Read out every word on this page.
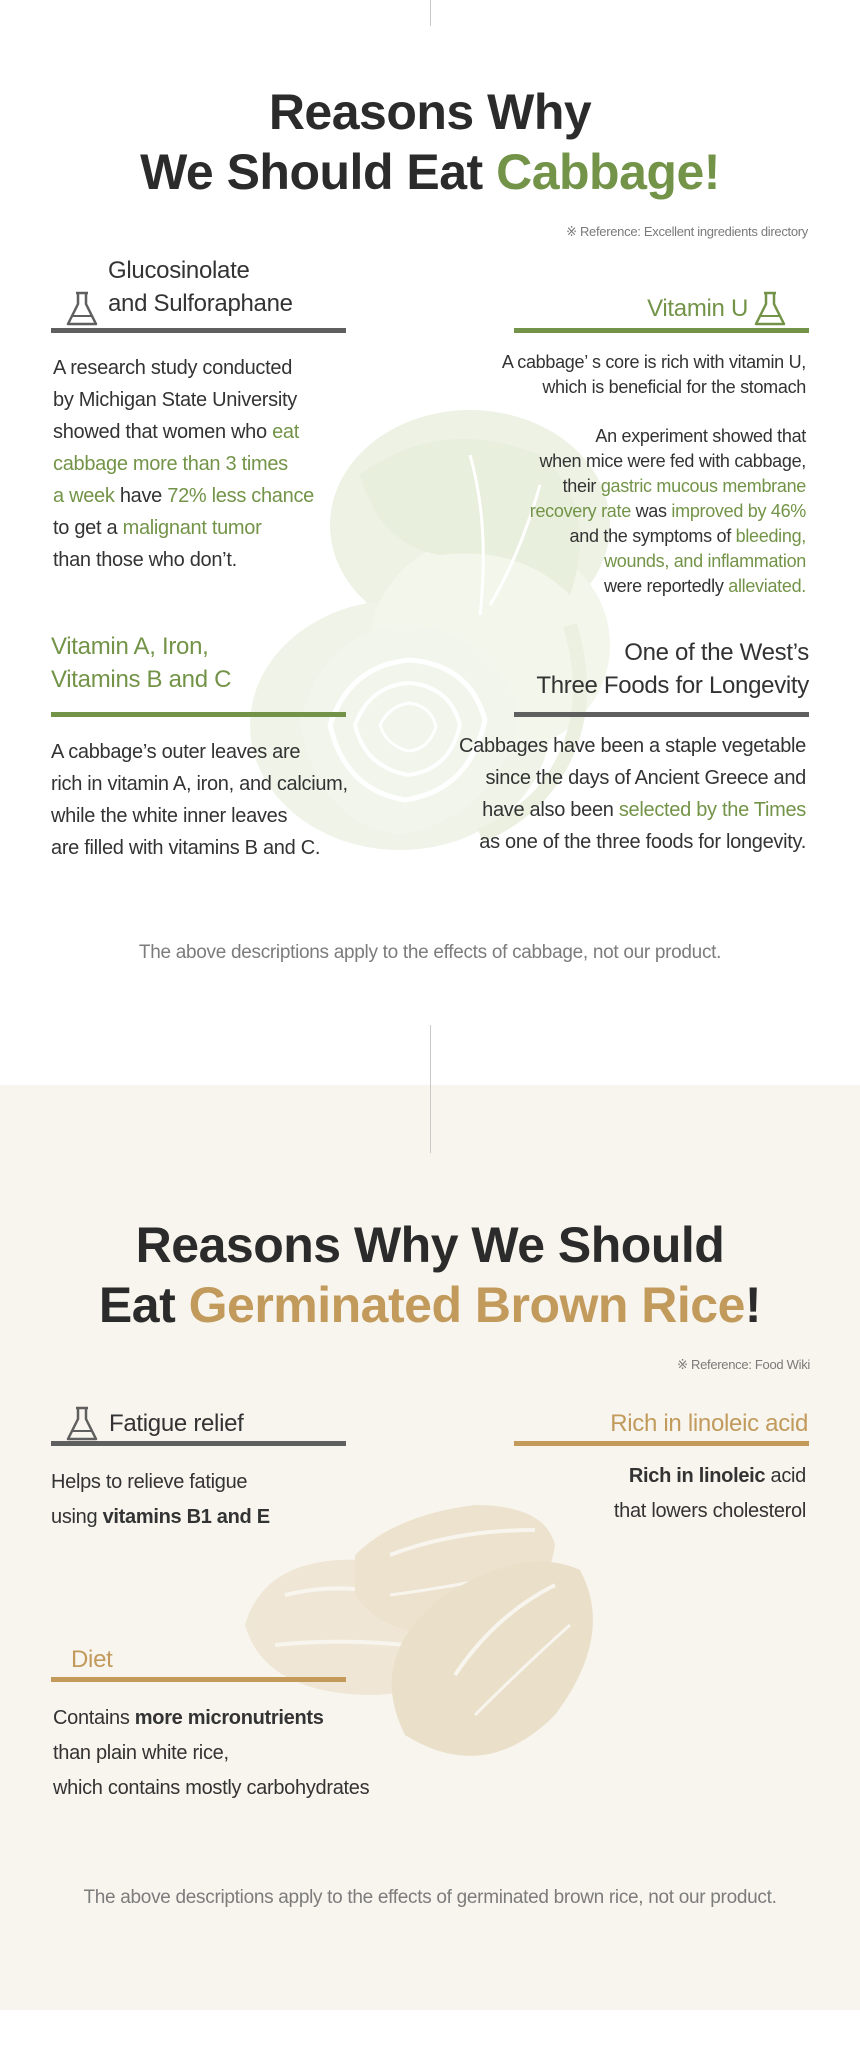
Reasons Why
We Should Eat Cabbage!
※ Reference: Excellent ingredients directory
Glucosinolate
and Sulforaphane
A research study conducted
by Michigan State University
showed that women who eat
cabbage more than 3 times
a week have 72% less chance
to get a malignant tumor
than those who don’t.
Vitamin U
A cabbage’ s core is rich with vitamin U,
which is beneficial for the stomach
An experiment showed that
when mice were fed with cabbage,
their gastric mucous membrane
recovery rate was improved by 46%
and the symptoms of bleeding,
wounds, and inflammation
were reportedly alleviated.
Vitamin A, Iron,
Vitamins B and C
A cabbage’s outer leaves are
rich in vitamin A, iron, and calcium,
while the white inner leaves
are filled with vitamins B and C.
One of the West’s
Three Foods for Longevity
Cabbages have been a staple vegetable
since the days of Ancient Greece and
have also been selected by the Times
as one of the three foods for longevity.
The above descriptions apply to the effects of cabbage, not our product.
Reasons Why We Should
Eat Germinated Brown Rice!
※ Reference: Food Wiki
Fatigue relief
Helps to relieve fatigue
using vitamins B1 and E
Rich in linoleic acid
Rich in linoleic acid
that lowers cholesterol
Diet
Contains more micronutrients
than plain white rice,
which contains mostly carbohydrates
The above descriptions apply to the effects of germinated brown rice, not our product.
